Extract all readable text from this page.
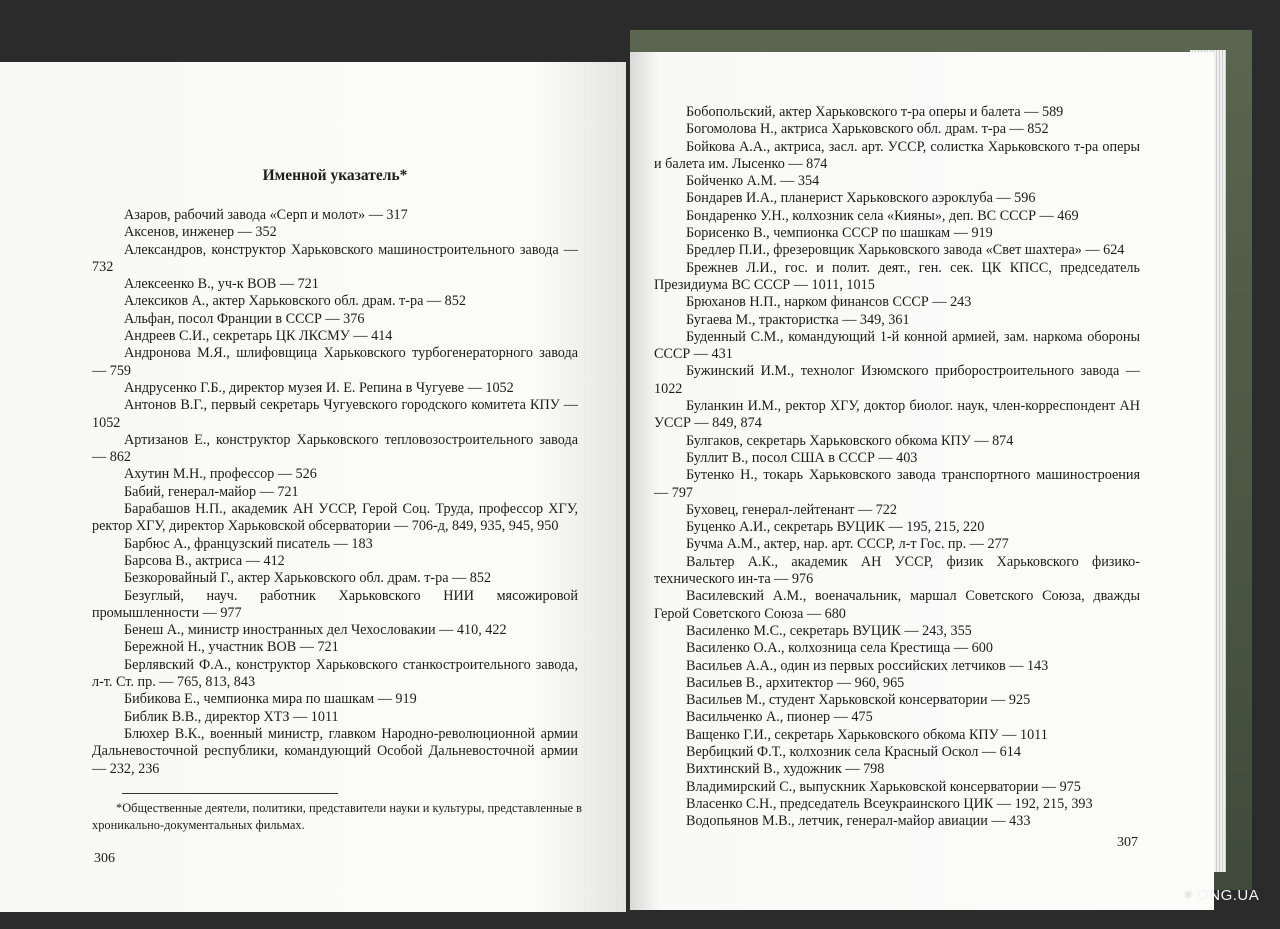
Именной указатель*

Азаров, рабочий завода «Серп и молот» — 317

Аксенов, инженер — 352

Александров, конструктор Харьковского машиностроительного завода — 732

Алексеенко В., уч-к ВОВ — 721

Алексиков А., актер Харьковского обл. драм. т-ра — 852

Альфан, посол Франции в СССР — 376

Андреев С.И., секретарь ЦК ЛКСМУ — 414

Андронова М.Я., шлифовщица Харьковского турбогенераторного завода — 759

Андрусенко Г.Б., директор музея И. Е. Репина в Чугуеве — 1052

Антонов В.Г., первый секретарь Чугуевского городского комитета КПУ — 1052

Артизанов Е., конструктор Харьковского тепловозостроительного завода — 862

Ахутин М.Н., профессор — 526

Бабий, генерал-майор — 721

Барабашов Н.П., академик АН УССР, Герой Соц. Труда, профессор ХГУ, ректор ХГУ, директор Харьковской обсерватории — 706-д, 849, 935, 945, 950

Барбюс А., французский писатель — 183

Барсова В., актриса — 412

Безкоровайный Г., актер Харьковского обл. драм. т-ра — 852

Безуглый, науч. работник Харьковского НИИ мясожировой промышленности — 977

Бенеш А., министр иностранных дел Чехословакии — 410, 422

Бережной Н., участник ВОВ — 721

Берлявский Ф.А., конструктор Харьковского станкостроительного завода, л-т. Ст. пр. — 765, 813, 843

Бибикова Е., чемпионка мира по шашкам — 919

Библик В.В., директор ХТЗ — 1011

Блюхер В.К., военный министр, главком Народно-революционной армии Дальневосточной республики, командующий Особой Дальневосточной армии — 232, 236

*Общественные деятели, политики, представители науки и культуры, представленные в хроникально-документальных фильмах.
306

Бобопольский, актер Харьковского т-ра оперы и балета — 589

Богомолова Н., актриса Харьковского обл. драм. т-ра — 852

Бойкова А.А., актриса, засл. арт. УССР, солистка Харьковского т-ра оперы и балета им. Лысенко — 874

Бойченко А.М. — 354

Бондарев И.А., планерист Харьковского аэроклуба — 596

Бондаренко У.Н., колхозник села «Кияны», деп. ВС СССР — 469

Борисенко В., чемпионка СССР по шашкам — 919

Бредлер П.И., фрезеровщик Харьковского завода «Свет шахтера» — 624

Брежнев Л.И., гос. и полит. деят., ген. сек. ЦК КПСС, председатель Президиума ВС СССР — 1011, 1015

Брюханов Н.П., нарком финансов СССР — 243

Бугаева М., трактористка — 349, 361

Буденный С.М., командующий 1-й конной армией, зам. наркома обороны СССР — 431

Бужинский И.М., технолог Изюмского приборостроительного завода — 1022

Буланкин И.М., ректор ХГУ, доктор биолог. наук, член-корреспондент АН УССР — 849, 874

Булгаков, секретарь Харьковского обкома КПУ — 874

Буллит В., посол США в СССР — 403

Бутенко Н., токарь Харьковского завода транспортного машиностроения — 797

Буховец, генерал-лейтенант — 722

Буценко А.И., секретарь ВУЦИК — 195, 215, 220

Бучма А.М., актер, нар. арт. СССР, л-т Гос. пр. — 277

Вальтер А.К., академик АН УССР, физик Харьковского физико-технического ин-та — 976

Василевский А.М., военачальник, маршал Советского Союза, дважды Герой Советского Союза — 680

Василенко М.С., секретарь ВУЦИК — 243, 355

Василенко О.А., колхозница села Крестища — 600

Васильев А.А., один из первых российских летчиков — 143

Васильев В., архитектор — 960, 965

Васильев М., студент Харьковской консерватории — 925

Васильченко А., пионер — 475

Ващенко Г.И., секретарь Харьковского обкома КПУ — 1011

Вербицкий Ф.Т., колхозник села Красный Оскол — 614

Вихтинский В., художник — 798

Владимирский С., выпускник Харьковской консерватории — 975

Власенко С.Н., председатель Всеукраинского ЦИК — 192, 215, 393

Водопьянов М.В., летчик, генерал-майор авиации — 433

307
✷ ONG.UA
